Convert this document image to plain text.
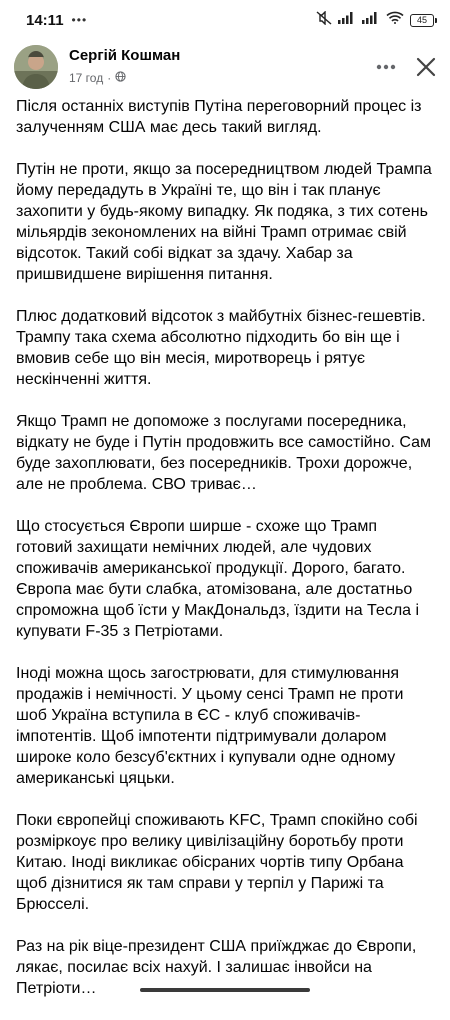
14:11 •••	45
Сергій Кошман
17 год ·

Після останніх виступів Путіна переговорний процес із залученням США має десь такий вигляд.

Путін не проти, якщо за посередництвом людей Трампа йому передадуть в Україні те, що він і так планує захопити у будь-якому випадку. Як подяка, з тих сотень мільярдів зекономлених на війні Трамп отримає свій відсоток. Такий собі відкат за здачу. Хабар за пришвидшене вирішення питання.

Плюс додатковий відсоток з майбутніх бізнес-гешевтів. Трампу така схема абсолютно підходить бо він ще і вмовив себе що він месія, миротворець і рятує нескінченні життя.

Якщо Трамп не допоможе з послугами посередника, відкату не буде і Путін продовжить все самостійно. Сам буде захоплювати, без посередників. Трохи дорожче, але не проблема. СВО триває…

Що стосується Європи ширше - схоже що Трамп готовий захищати немічних людей, але чудових споживачів американської продукції. Дорого, багато. Європа має бути слабка, атомізована, але достатньо спроможна щоб їсти у МакДональдз, їздити на Тесла і купувати F-35 з Петріотами.

Іноді можна щось загострювати, для стимулювання продажів і немічності. У цьому сенсі Трамп не проти шоб Україна вступила в ЄС - клуб споживачів-імпотентів. Щоб імпотенти підтримували доларом широке коло безсуб'єктних і купували одне одному американські цяцьки.

Поки європейці споживають KFC, Трамп спокійно собі розміркоує про велику цивілізаційну боротьбу проти Китаю. Іноді викликає обісраних чортів типу Орбана щоб дізнитися як там справи у терпіл у Парижі та Брюсселі.

Раз на рік віце-президент США приїжджає до Європи, лякає, посилає всіх нахуй. І залишає інвойси на Петріоти…
